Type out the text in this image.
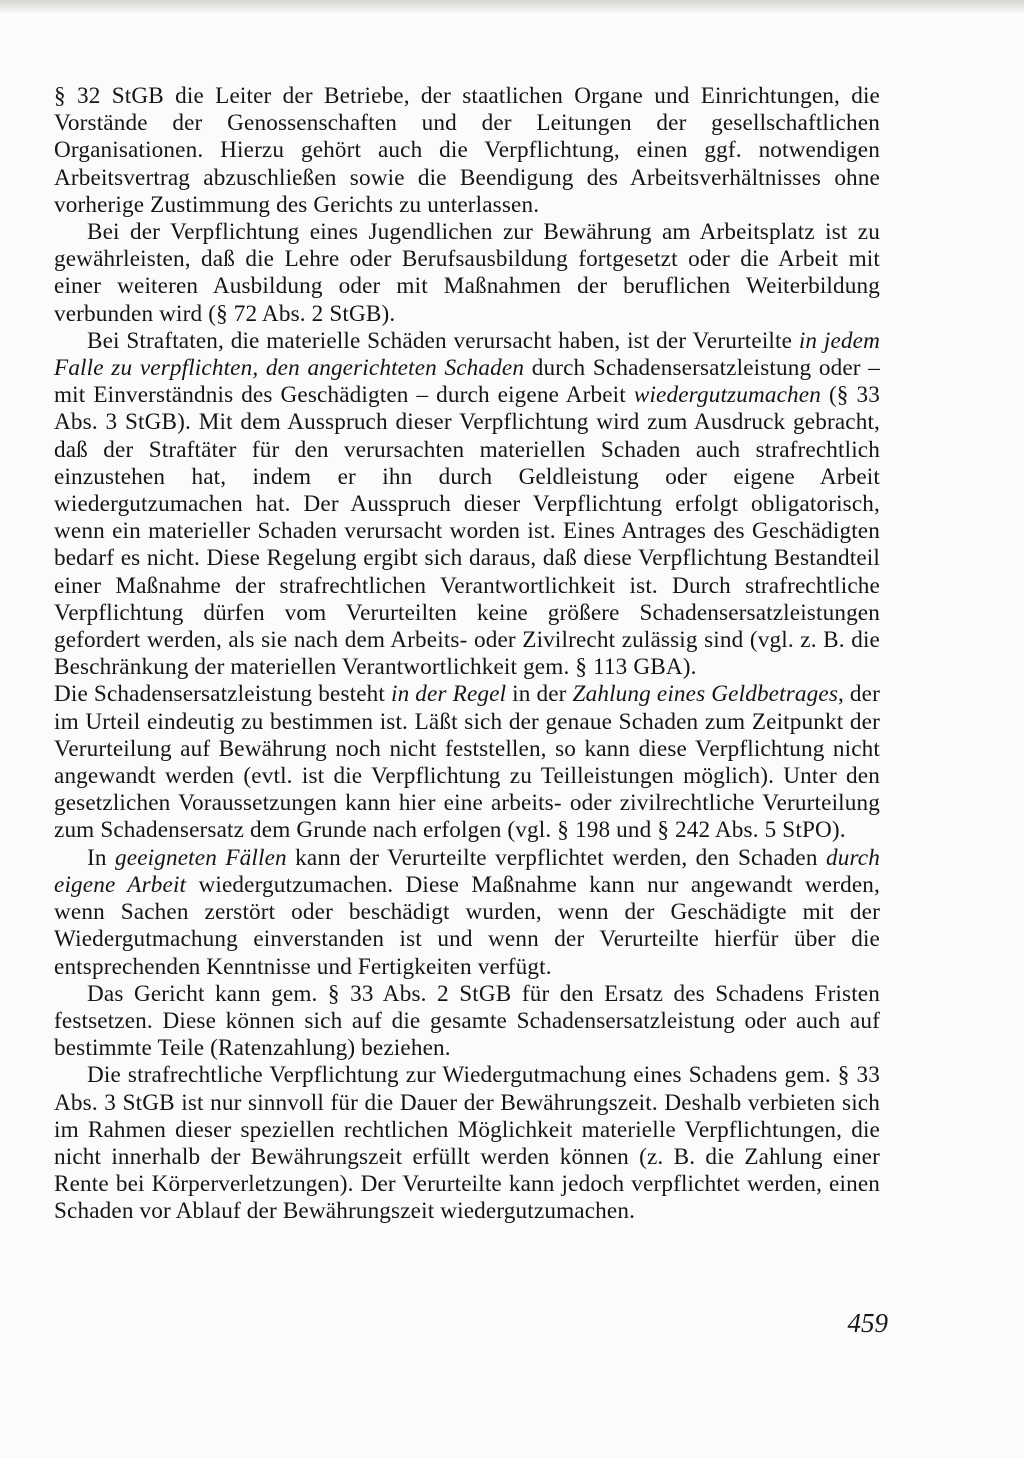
§ 32 StGB die Leiter der Betriebe, der staatlichen Organe und Einrichtungen, die Vorstände der Genossenschaften und der Leitungen der gesellschaftlichen Organisationen. Hierzu gehört auch die Verpflichtung, einen ggf. notwendigen Arbeitsvertrag abzuschließen sowie die Beendigung des Arbeitsverhältnisses ohne vorherige Zustimmung des Gerichts zu unterlassen.

Bei der Verpflichtung eines Jugendlichen zur Bewährung am Arbeitsplatz ist zu gewährleisten, daß die Lehre oder Berufsausbildung fortgesetzt oder die Arbeit mit einer weiteren Ausbildung oder mit Maßnahmen der beruflichen Weiterbildung verbunden wird (§ 72 Abs. 2 StGB).

Bei Straftaten, die materielle Schäden verursacht haben, ist der Verurteilte in jedem Falle zu verpflichten, den angerichteten Schaden durch Schadensersatzleistung oder – mit Einverständnis des Geschädigten – durch eigene Arbeit wiedergutzumachen (§ 33 Abs. 3 StGB). Mit dem Ausspruch dieser Verpflichtung wird zum Ausdruck gebracht, daß der Straftäter für den verursachten materiellen Schaden auch strafrechtlich einzustehen hat, indem er ihn durch Geldleistung oder eigene Arbeit wiedergutzumachen hat. Der Ausspruch dieser Verpflichtung erfolgt obligatorisch, wenn ein materieller Schaden verursacht worden ist. Eines Antrages des Geschädigten bedarf es nicht. Diese Regelung ergibt sich daraus, daß diese Verpflichtung Bestandteil einer Maßnahme der strafrechtlichen Verantwortlichkeit ist. Durch strafrechtliche Verpflichtung dürfen vom Verurteilten keine größere Schadensersatzleistungen gefordert werden, als sie nach dem Arbeits- oder Zivilrecht zulässig sind (vgl. z. B. die Beschränkung der materiellen Verantwortlichkeit gem. § 113 GBA).

Die Schadensersatzleistung besteht in der Regel in der Zahlung eines Geldbetrages, der im Urteil eindeutig zu bestimmen ist. Läßt sich der genaue Schaden zum Zeitpunkt der Verurteilung auf Bewährung noch nicht feststellen, so kann diese Verpflichtung nicht angewandt werden (evtl. ist die Verpflichtung zu Teilleistungen möglich). Unter den gesetzlichen Voraussetzungen kann hier eine arbeits- oder zivilrechtliche Verurteilung zum Schadensersatz dem Grunde nach erfolgen (vgl. § 198 und § 242 Abs. 5 StPO).

In geeigneten Fällen kann der Verurteilte verpflichtet werden, den Schaden durch eigene Arbeit wiedergutzumachen. Diese Maßnahme kann nur angewandt werden, wenn Sachen zerstört oder beschädigt wurden, wenn der Geschädigte mit der Wiedergutmachung einverstanden ist und wenn der Verurteilte hierfür über die entsprechenden Kenntnisse und Fertigkeiten verfügt.

Das Gericht kann gem. § 33 Abs. 2 StGB für den Ersatz des Schadens Fristen festsetzen. Diese können sich auf die gesamte Schadensersatzleistung oder auch auf bestimmte Teile (Ratenzahlung) beziehen.

Die strafrechtliche Verpflichtung zur Wiedergutmachung eines Schadens gem. § 33 Abs. 3 StGB ist nur sinnvoll für die Dauer der Bewährungszeit. Deshalb verbieten sich im Rahmen dieser speziellen rechtlichen Möglichkeit materielle Verpflichtungen, die nicht innerhalb der Bewährungszeit erfüllt werden können (z. B. die Zahlung einer Rente bei Körperverletzungen). Der Verurteilte kann jedoch verpflichtet werden, einen Schaden vor Ablauf der Bewährungszeit wiedergutzumachen.

459
